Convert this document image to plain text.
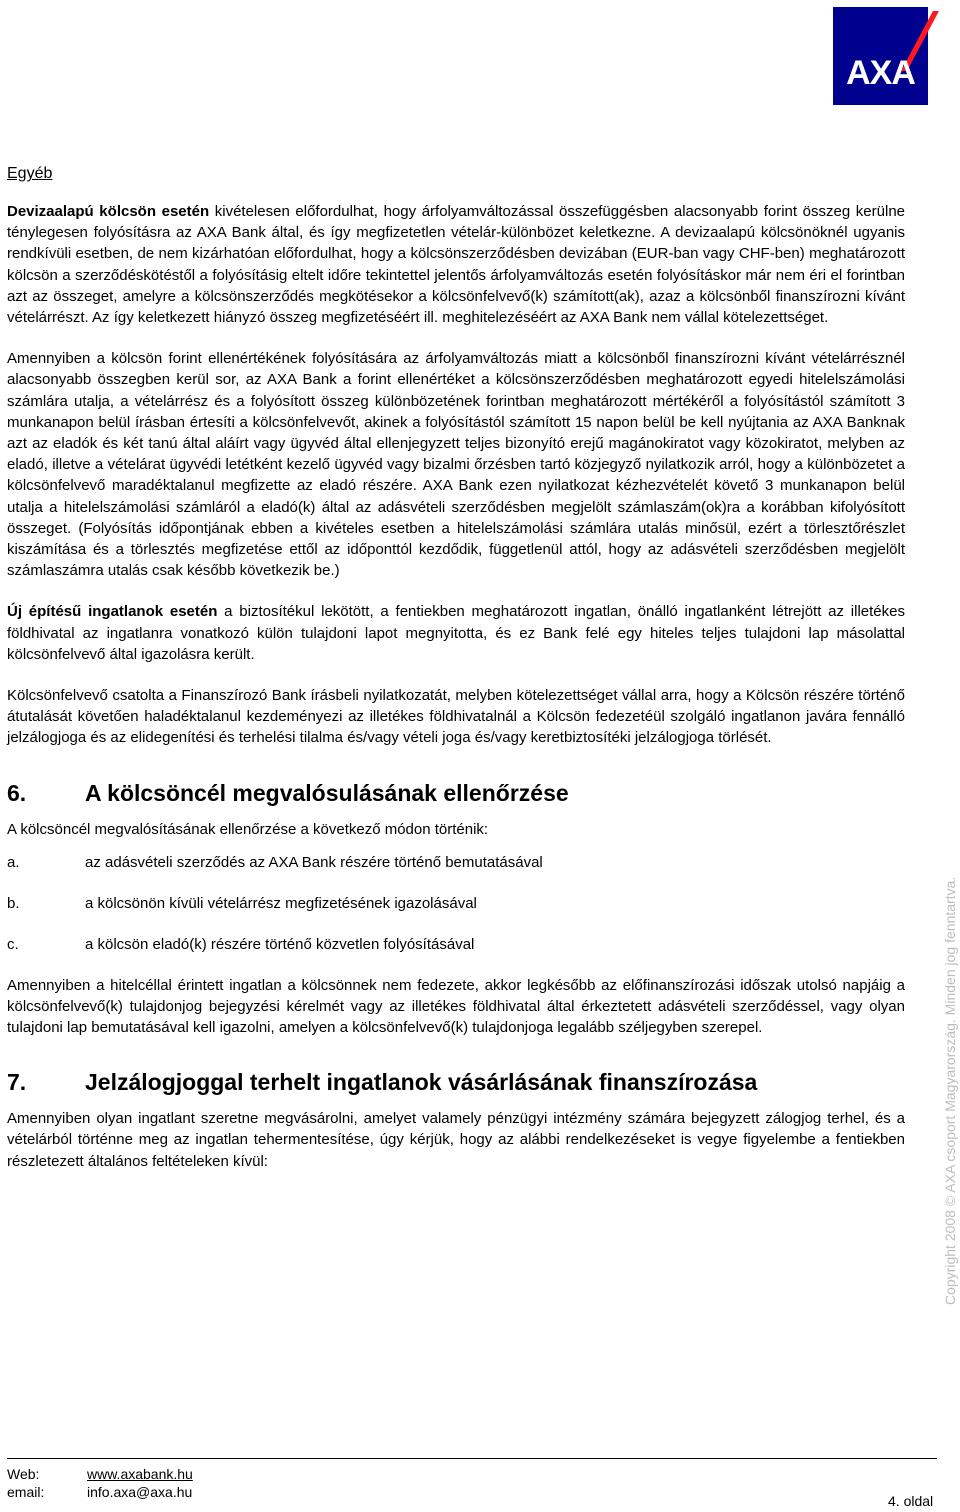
AXA
Egyéb

Devizaalapú kölcsön esetén kivételesen előfordulhat, hogy árfolyamváltozással összefüggésben alacsonyabb forint összeg kerülne ténylegesen folyósításra az AXA Bank által, és így megfizetetlen vételár-különbözet keletkezne. A devizaalapú kölcsönöknél ugyanis rendkívüli esetben, de nem kizárhatóan előfordulhat, hogy a kölcsönszerződésben devizában (EUR-ban vagy CHF-ben) meghatározott kölcsön a szerződéskötéstől a folyósításig eltelt időre tekintettel jelentős árfolyamváltozás esetén folyósításkor már nem éri el forintban azt az összeget, amelyre a kölcsönszerződés megkötésekor a kölcsönfelvevő(k) számított(ak), azaz a kölcsönből finanszírozni kívánt vételárrészt. Az így keletkezett hiányzó összeg megfizetéséért ill. meghitelezéséért az AXA Bank nem vállal kötelezettséget.

Amennyiben a kölcsön forint ellenértékének folyósítására az árfolyamváltozás miatt a kölcsönből finanszírozni kívánt vételárrésznél alacsonyabb összegben kerül sor, az AXA Bank a forint ellenértéket a kölcsönszerződésben meghatározott egyedi hitelelszámolási számlára utalja, a vételárrész és a folyósított összeg különbözetének forintban meghatározott mértékéről a folyósítástól számított 3 munkanapon belül írásban értesíti a kölcsönfelvevőt, akinek a folyósítástól számított 15 napon belül be kell nyújtania az AXA Banknak azt az eladók és két tanú által aláírt vagy ügyvéd által ellenjegyzett teljes bizonyító erejű magánokiratot vagy közokiratot, melyben az eladó, illetve a vételárat ügyvédi letétként kezelő ügyvéd vagy bizalmi őrzésben tartó közjegyző nyilatkozik arról, hogy a különbözetet a kölcsönfelvevő maradéktalanul megfizette az eladó részére. AXA Bank ezen nyilatkozat kézhezvételét követő 3 munkanapon belül utalja a hitelelszámolási számláról a eladó(k) által az adásvételi szerződésben megjelölt számlaszám(ok)ra a korábban kifolyósított összeget. (Folyósítás időpontjának ebben a kivételes esetben a hitelelszámolási számlára utalás minősül, ezért a törlesztőrészlet kiszámítása és a törlesztés megfizetése ettől az időponttól kezdődik, függetlenül attól, hogy az adásvételi szerződésben megjelölt számlaszámra utalás csak később következik be.)

Új építésű ingatlanok esetén a biztosítékul lekötött, a fentiekben meghatározott ingatlan, önálló ingatlanként létrejött az illetékes földhivatal az ingatlanra vonatkozó külön tulajdoni lapot megnyitotta, és ez Bank felé egy hiteles teljes tulajdoni lap másolattal kölcsönfelvevő által igazolásra került.

Kölcsönfelvevő csatolta a Finanszírozó Bank írásbeli nyilatkozatát, melyben kötelezettséget vállal arra, hogy a Kölcsön részére történő átutalását követően haladéktalanul kezdeményezi az illetékes földhivatalnál a Kölcsön fedezetéül szolgáló ingatlanon javára fennálló jelzálogjoga és az elidegenítési és terhelési tilalma és/vagy vételi joga és/vagy keretbiztosítéki jelzálogjoga törlését.

6.	A kölcsöncél megvalósulásának ellenőrzése
A kölcsöncél megvalósításának ellenőrzése a következő módon történik:
a.	az adásvételi szerződés az AXA Bank részére történő bemutatásával
b.	a kölcsönön kívüli vételárrész megfizetésének igazolásával
c.	a kölcsön eladó(k) részére történő közvetlen folyósításával

Amennyiben a hitelcéllal érintett ingatlan a kölcsönnek nem fedezete, akkor legkésőbb az előfinanszírozási időszak utolsó napjáig a kölcsönfelvevő(k) tulajdonjog bejegyzési kérelmét vagy az illetékes földhivatal által érkeztetett adásvételi szerződéssel, vagy olyan tulajdoni lap bemutatásával kell igazolni, amelyen a kölcsönfelvevő(k) tulajdonjoga legalább széljegyben szerepel.

7.	Jelzálogjoggal terhelt ingatlanok vásárlásának finanszírozása

Amennyiben olyan ingatlant szeretne megvásárolni, amelyet valamely pénzügyi intézmény számára bejegyzett zálogjog terhel, és a vételárból történne meg az ingatlan tehermentesítése, úgy kérjük, hogy az alábbi rendelkezéseket is vegye figyelembe a fentiekben részletezett általános feltételeken kívül:	Copyright 2008 © AXA csoport Magyarország. Minden jog fenntartva.
Web:	www.axabank.hu
email:	info.axa@axa.hu
4. oldal
